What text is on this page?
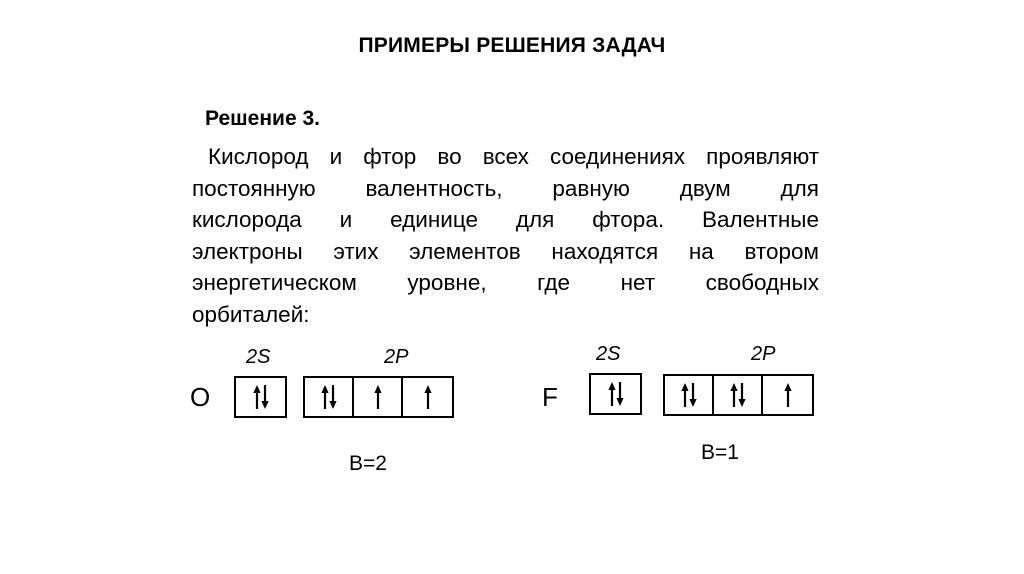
ПРИМЕРЫ РЕШЕНИЯ ЗАДАЧ
Решение 3.
Кислород и фтор во всех соединениях проявляют
постоянную валентность, равную двум для
кислорода и единице для фтора. Валентные
электроны этих элементов находятся на втором
энергетическом уровне, где нет свободных
орбиталей:
O
2S	2P
В=2
F
2S	2P
В=1
